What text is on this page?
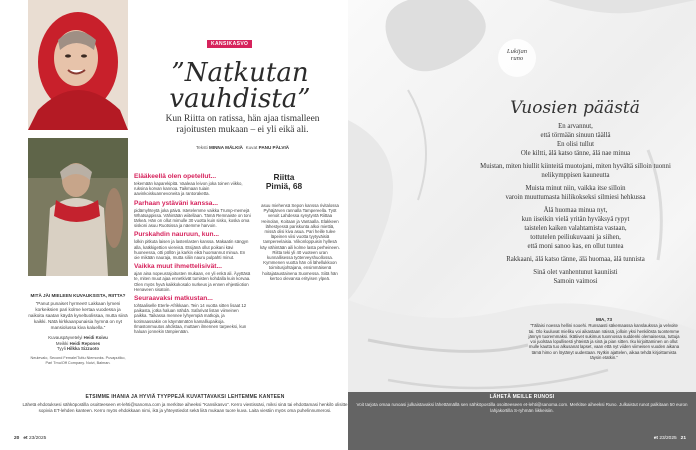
MITÄ JÄI MIELEEN KUVAUKSISTA, RIITTA?
”Panut punaiset hyrmeet! Lakkaan lymeni korkeiksien pari kolme kertaa vuodessa ja naikoita saatan käydä kyneltuolissaa, mutta siinä kaikki. Nätä kirkkaanpunaisia hymnä on nyt mansiolussa kiva kaluella.”
Kuvauspäyvetelyi Heidi Koivu
Meikki Heidi Repones
Tyyli Hilkka Sizzuoto
Neulevalo, Second Female/Tuttu Niemonks. Puvaputiko, Parl Tmu/Off Company. Nuivi, Balman.
KANSIKASVO
”Natkutan
vauhdista”
Kun Riitta on ratissa, hän ajaa tismalleen rajoitusten mukaan – ei yli eikä ali.
Teksti MINNA MÄLKIÄ Kuvat PANU PÄLVIÄ
Elääkeellä olen opetellut...
tekemään kaparekipitä. Vaaleaa leivon joka toinen viikko, ruksina korvan kannoa. Taikmaan tuiain aavinkoiskuannevoneita ja rantoraketta.
Parhaan ystäväni kanssa...
pidämyhteytä joka päivä. Istetelemme vaikka Trump-memejä Whatsappissa. Vähintään wiitellaan. Tämä Remnaiste on toni tärkeä. Hän on ollut mimulle 30 vuotta kuin sisko, koska oma siskoni asuu Ruotsissa ja näemme harvoin.
Purskahdin nauruun, kun...
lolkin pitkuta laisen ja lastenlasten kanssa. Makaatin sängyn alla, katkkigettion viereisä. Etsijänä ollut poikani kävi huoneessa, otti pöllön ja karkin eikä huomannut minua. En oie mikään nauraja, mutta siliin nauru pulpahti minut.
Vaikka muut ihmettelisivät...
ajan aina nopeusrajoitusten mukaan, en yli enkä ali. Äyyttäsä te, miten muut ajaa ennetkivät tumisten kohdalla kuin korvaa. Olen myös hyvä kaikkokosalo nurkeus ja ennen ehjestiiotion Henaveen sisatoin.
Seuraavaksi matkustan...
tohtaaliselle Eterle-Afrikkaan. Tein 14 vuotta sitten lisaat 12 paikasta, jotka haluan nähdä. Safarivat listan viimeinen paikka. Taikassa mennee lyhyempiä matkoja, ja kotimaassakin on käymämätön kamalliupaikoja. Ilmastonmuutos ahdistaa, muttaen ilmennen tarpeeksi, kun haluan jonnekin tämpienään.
Riitta
Pimiä, 68
asuu miehensä Sepon kanssa rivitalossa Pyhäjärven rannalla Tampereella. Työt venoit Lahdessa synytyntä Riittaa Heinolan, Koitaan ja Vantaalla. Elakkeen lähestyessä pariskunta alkoi miettiä, missä olisi kiva asua. Pari heille tulee läpeinen viisi vuotta tyytyväisiä tampereelaisia. Viikonloppuisin hyllesä käy vähintään aili kolme lasta perheineen. Riitta teki yli 40 vuoteen uran kunnallisessa työterveyshuollossa. Kymmenen vuotta hän oli lähellukkoon toimitusjohtajana, ensimmäisenä hoitajataustainena Suomessa. Siitä hän kertoo olevansa erityisen ylpeä.
ETSIMME IHANIA JA HYVIÄ TYYPPEJÄ KUVATTAVAKSI LEHTEMME KANTEEN
Lähetä ehdotuksesi sähköpostilla osoitteeseen et-lehti@sanoma.com ja merkitse aiheeksi ”Kansikasvo”. Kerro viestissäsi, miksi sinä tai ehdottamasi henkilö olisitte sopivia ET-lehden kanteen. Kerro myös ehdokkaan nimi, ikä ja yhteystiedot sekä liitä mukaan tuore kuva. Laita viestiin myös oma puhelinnumerosi.
20 et 23/2025
Lukijan
runo
Vuosien päästä
En arvannut,
että törmään sinuun täällä
En olisi tullut
Ole kiltti, älä katso tänne, älä nae minua
Muistan, miten hiullit kiinteitä muotojani, miten hyvältä silloin tuonni
nelikymppisen kauneutta
Muista minut niin, vaikka itse silloin
varoin muuttumasta hiilikokseksi silmiesi hehkussa
Älä huomaa minua nyt,
kun iiseikin vielä yritän hyväksyä rypyt
taistelen kaiken valahtamista vastaan,
tottutelen peiliukuvaani ja siihen,
että moni sanoo kas, en ollut tuntea
Rakkaani, älä katso tänne, älä huomaa, älä tunnista
Sinä olet vanhentunut kauniisti
Samoin vaimosi
MIA, 73
”Tällaisi noessa hellini sooehi. Runsaasti säkemaassa kanslaukssa ja velvoite tai. Olo kuuluvat mieliku voi aikastaan näissä, jolloin yksi henkilösta tuontemme jännyn tuoremmaksi. Ikätiivet sukimus tuonnossa suddenki olemaisessa, tuttuja voi juolstaa lopullisesti yhteistä ja sinä ja pian sitten. Iku kirjoittaminen on ollut mulle kautta tuo alkusanat lapset, vaan että nyt viiden viimeisen vuoden aikana tämä himo on löytänyt uudestaan. Nytkin ajattelen, aikaa tehdä kirjoittamista täysin etatkin.”
LÄHETÄ MEILLE RUNOSI
Voit tarjota omaa runoasi julkaistavaksi lähettämällä sen sähköpostilla osoitteeseen et-lehti@sanoma.com. Merkitse aiheeksi Runo. Julkaistut runot palkitaan 50 euron lahjakortilla S-ryhmän liikkeisiin.
et 23/2025 21
